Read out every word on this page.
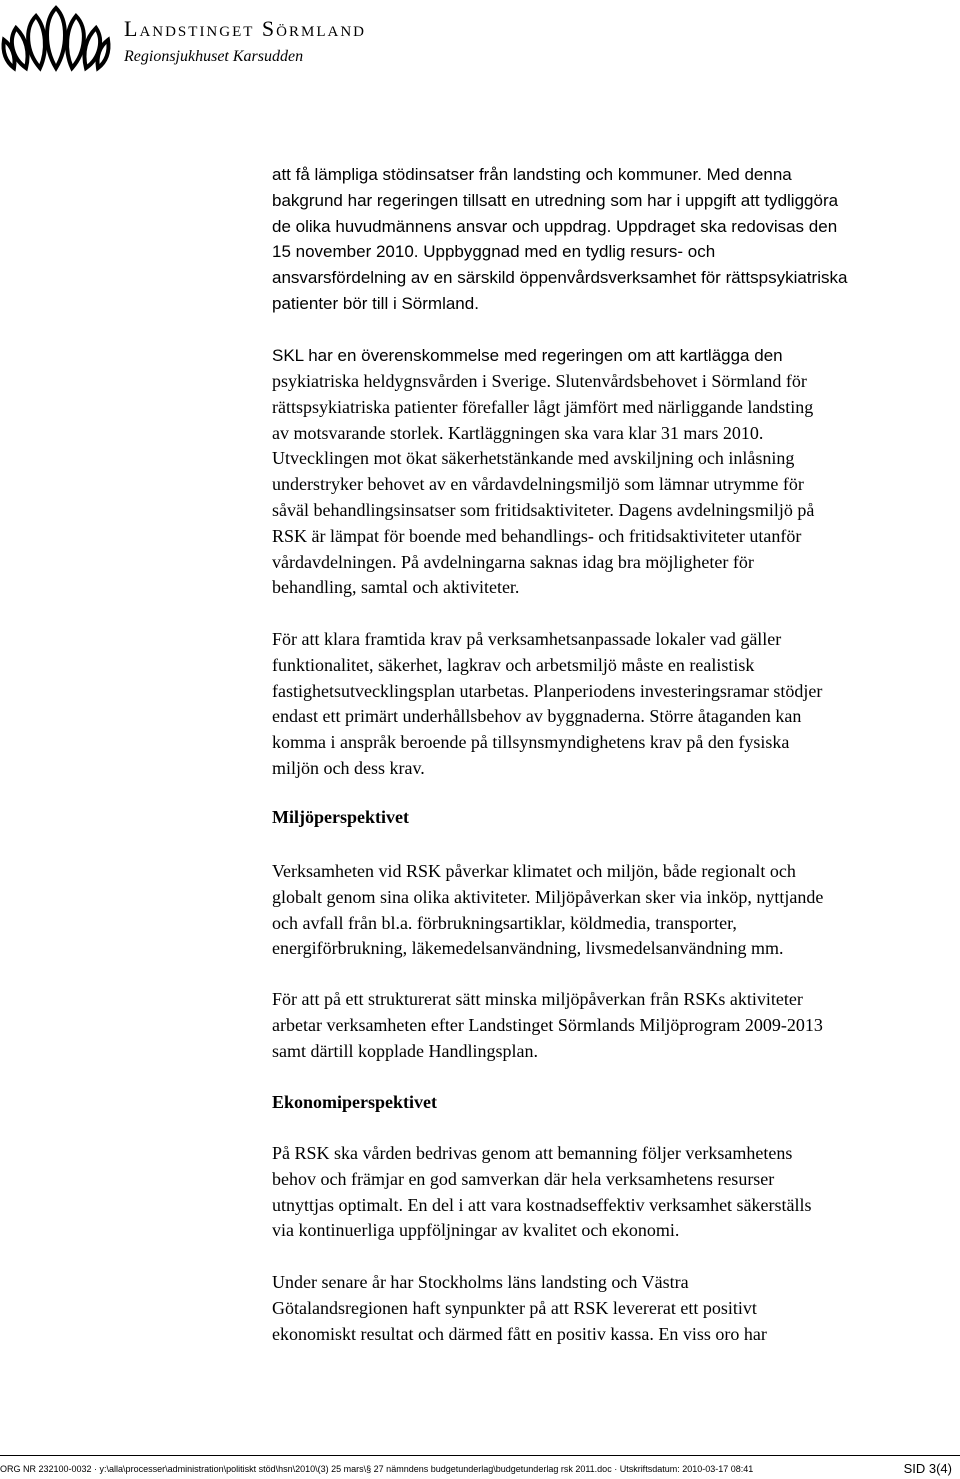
Landstinget Sörmland
Regionsjukhuset Karsudden

att få lämpliga stödinsatser från landsting och kommuner. Med denna
bakgrund har regeringen tillsatt en utredning som har i uppgift att tydliggöra
de olika huvudmännens ansvar och uppdrag. Uppdraget ska redovisas den
15 november 2010. Uppbyggnad med en tydlig resurs- och
ansvarsfördelning av en särskild öppenvårdsverksamhet för rättspsykiatriska
patienter bör till i Sörmland.

SKL har en överenskommelse med regeringen om att kartlägga den

psykiatriska heldygnsvården i Sverige. Slutenvårdsbehovet i Sörmland för
rättspsykiatriska patienter förefaller lågt jämfört med närliggande landsting
av motsvarande storlek. Kartläggningen ska vara klar 31 mars 2010.
Utvecklingen mot ökat säkerhetstänkande med avskiljning och inlåsning
understryker behovet av en vårdavdelningsmiljö som lämnar utrymme för
såväl behandlingsinsatser som fritidsaktiviteter. Dagens avdelningsmiljö på
RSK är lämpat för boende med behandlings- och fritidsaktiviteter utanför
vårdavdelningen. På avdelningarna saknas idag bra möjligheter för
behandling, samtal och aktiviteter.

För att klara framtida krav på verksamhetsanpassade lokaler vad gäller
funktionalitet, säkerhet, lagkrav och arbetsmiljö måste en realistisk
fastighetsutvecklingsplan utarbetas. Planperiodens investeringsramar stödjer
endast ett primärt underhållsbehov av byggnaderna. Större åtaganden kan
komma i anspråk beroende på tillsynsmyndighetens krav på den fysiska
miljön och dess krav.

Miljöperspektivet

Verksamheten vid RSK påverkar klimatet och miljön, både regionalt och
globalt genom sina olika aktiviteter. Miljöpåverkan sker via inköp, nyttjande
och avfall från bl.a. förbrukningsartiklar, köldmedia, transporter,
energiförbrukning, läkemedelsanvändning, livsmedelsanvändning mm.

För att på ett strukturerat sätt minska miljöpåverkan från RSKs aktiviteter
arbetar verksamheten efter Landstinget Sörmlands Miljöprogram 2009-2013
samt därtill kopplade Handlingsplan.

Ekonomiperspektivet

På RSK ska vården bedrivas genom att bemanning följer verksamhetens
behov och främjar en god samverkan där hela verksamhetens resurser
utnyttjas optimalt. En del i att vara kostnadseffektiv verksamhet säkerställs
via kontinuerliga uppföljningar av kvalitet och ekonomi.

Under senare år har Stockholms läns landsting och Västra
Götalandsregionen haft synpunkter på att RSK levererat ett positivt
ekonomiskt resultat och därmed fått en positiv kassa. En viss oro har

ORG NR 232100-0032 · y:\alla\processer\administration\politiskt stöd\hsn\2010\(3) 25 mars\§ 27 nämndens budgetunderlag\budgetunderlag rsk 2011.doc · Utskriftsdatum: 2010-03-17 08:41	SID 3(4)
